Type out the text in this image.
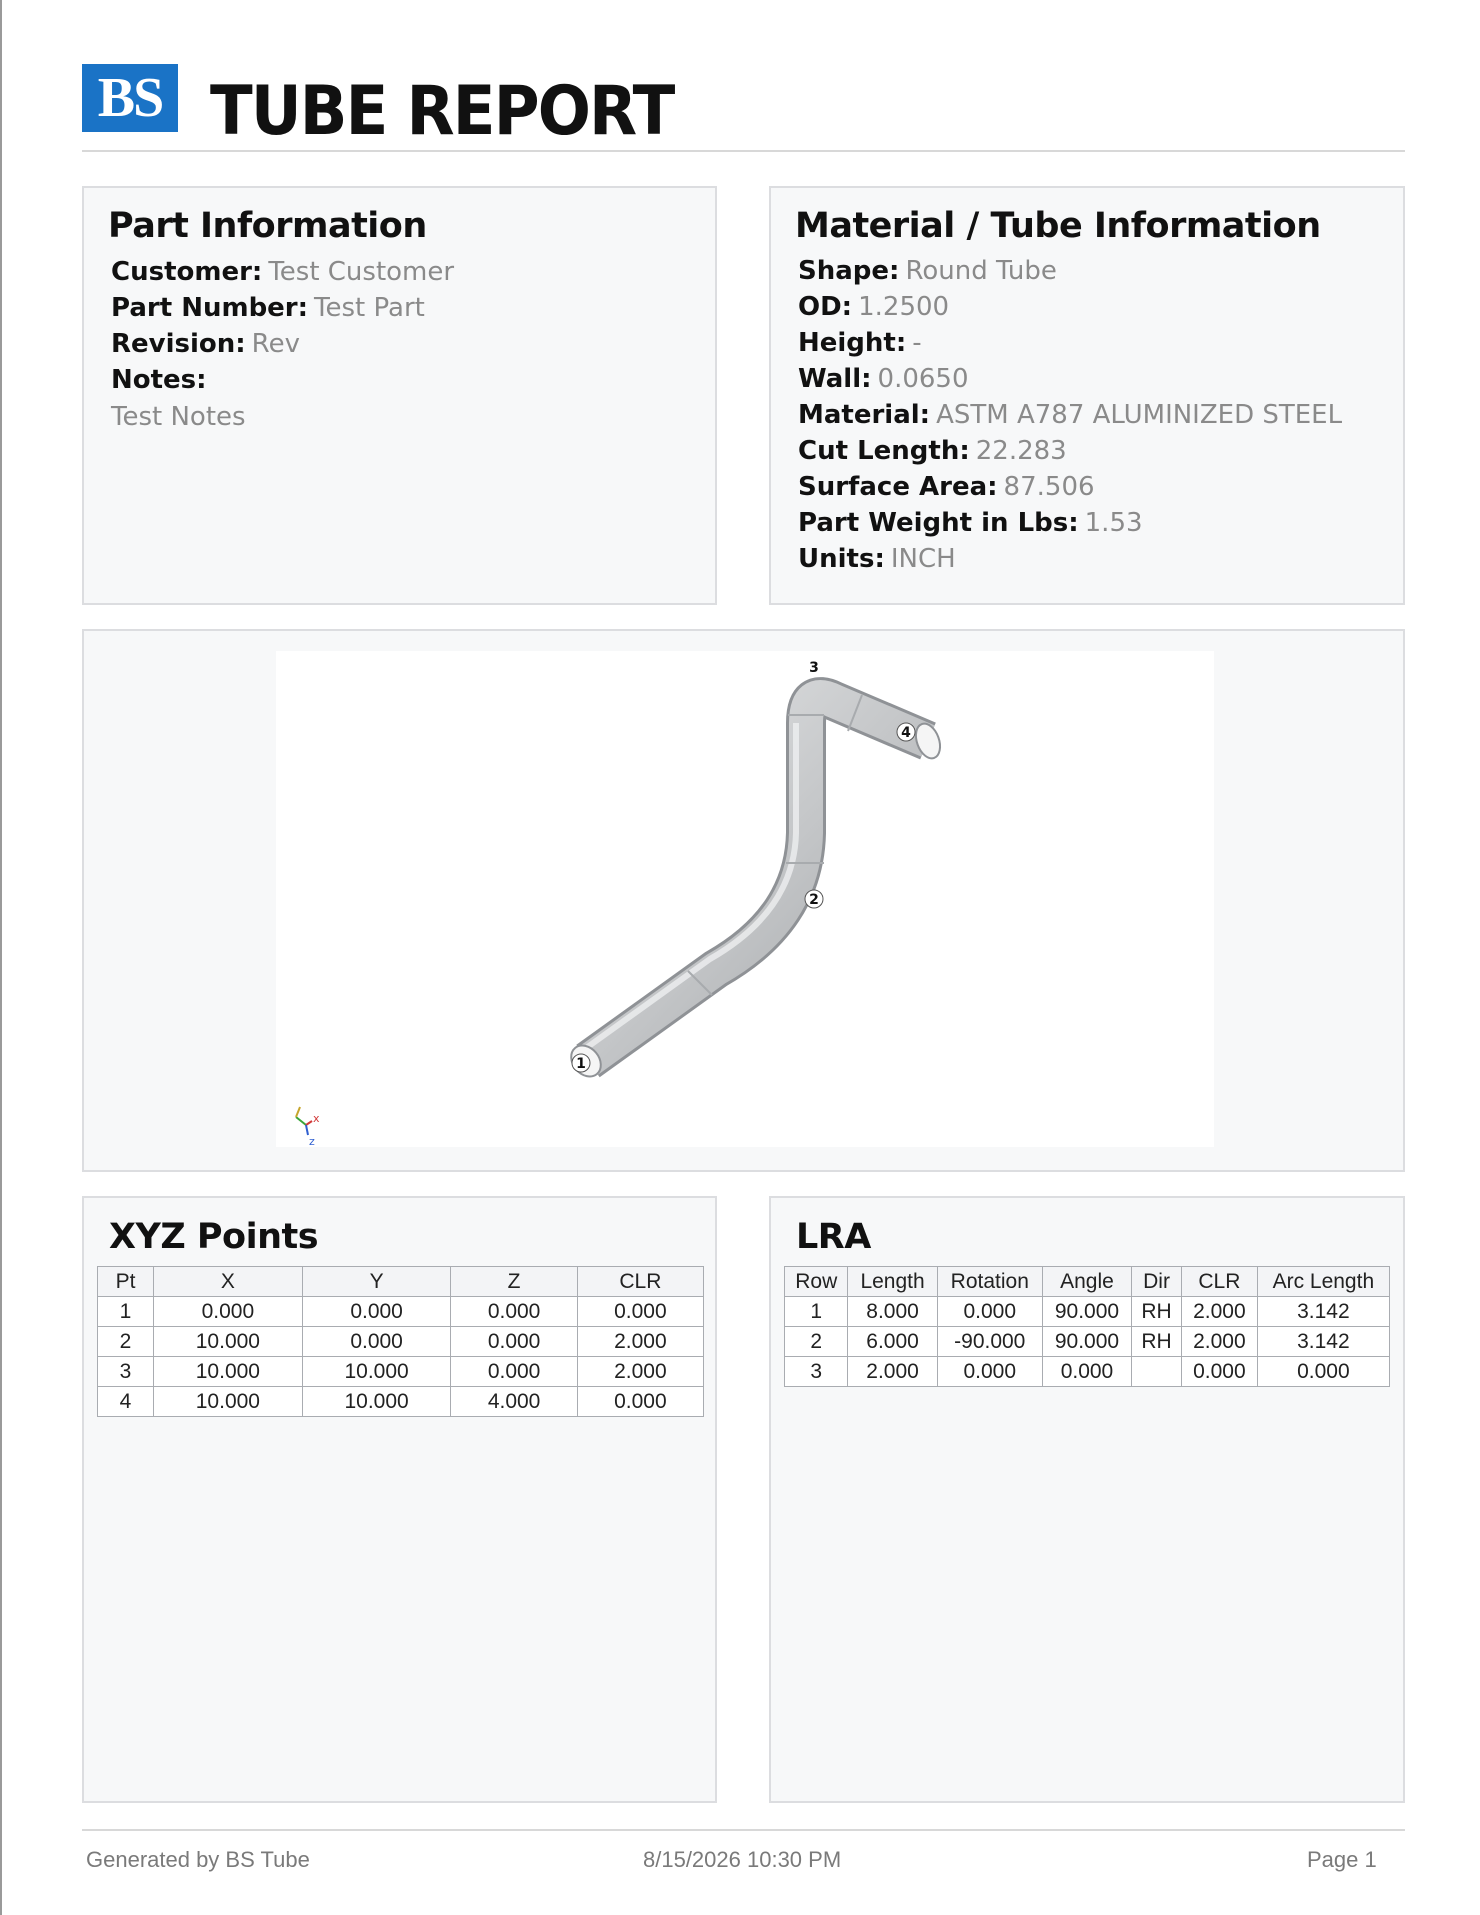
BS TUBE REPORT
Part Information
Customer: Test Customer
Part Number: Test Part
Revision: Rev
Notes:
Test Notes
Material / Tube Information
Shape: Round Tube
OD: 1.2500
Height: -
Wall: 0.0650
Material: ASTM A787 ALUMINIZED STEEL
Cut Length: 22.283
Surface Area: 87.506
Part Weight in Lbs: 1.53
Units: INCH
1
2
3
4
x
z
XYZ Points
Pt	X	Y	Z	CLR
1	0.000	0.000	0.000	0.000
2	10.000	0.000	0.000	2.000
3	10.000	10.000	0.000	2.000
4	10.000	10.000	4.000	0.000
LRA
Row	Length	Rotation	Angle	Dir	CLR	Arc Length
1	8.000	0.000	90.000	RH	2.000	3.142
2	6.000	-90.000	90.000	RH	2.000	3.142
3	2.000	0.000	0.000		0.000	0.000
Generated by BS Tube	8/15/2026 10:30 PM	Page 1
